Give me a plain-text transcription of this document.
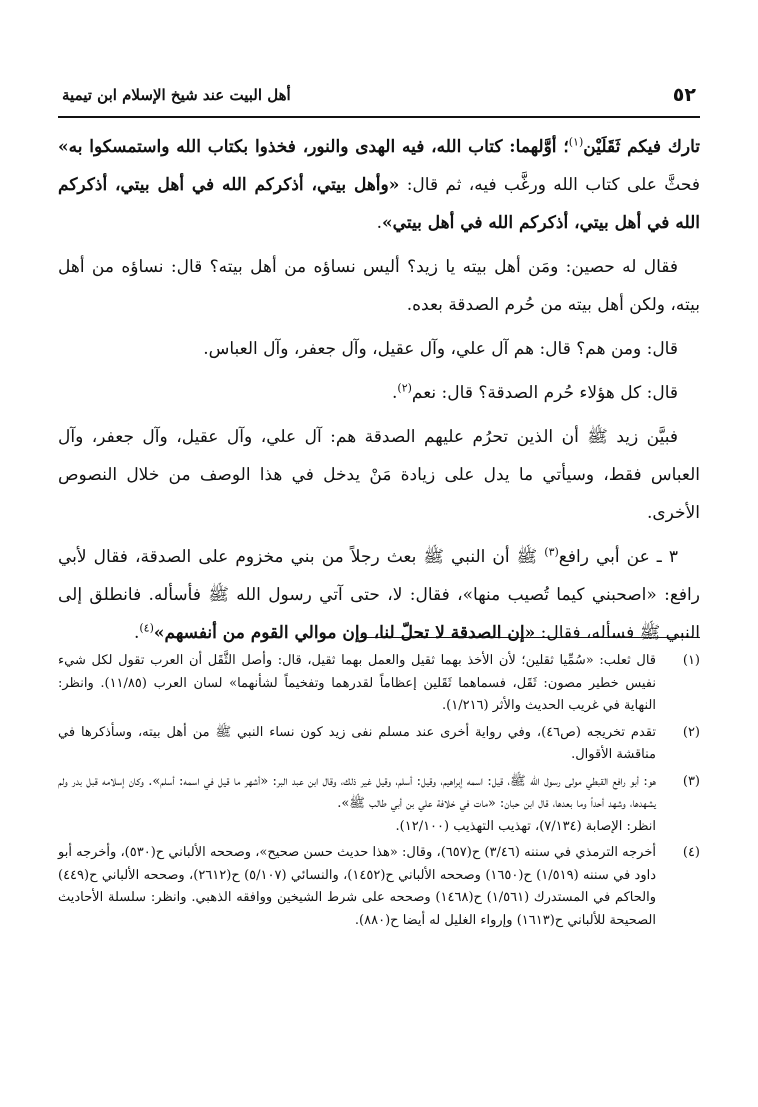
٥٢
أهل البيت عند شيخ الإسلام ابن تيمية

تارك فيكم ثَقَلَيْن$^{(١)}$؛ أوَّلهما: كتاب الله، فيه الهدى والنور، فخذوا بكتاب الله واستمسكوا به» فحثَّ على كتاب الله ورغَّب فيه، ثم قال: «وأهل بيتي، أذكركم الله في أهل بيتي، أذكركم الله في أهل بيتي، أذكركم الله في أهل بيتي».

فقال له حصين: ومَن أهل بيته يا زيد؟ أليس نساؤه من أهل بيته؟ قال: نساؤه من أهل بيته، ولكن أهل بيته من حُرم الصدقة بعده.

قال: ومن هم؟ قال: هم آل علي، وآل عقيل، وآل جعفر، وآل العباس.

قال: كل هؤلاء حُرم الصدقة؟ قال: نعم$^{(٢)}$.

فبيَّن زيد ﷺ أن الذين تحرُم عليهم الصدقة هم: آل علي، وآل عقيل، وآل جعفر، وآل العباس فقط، وسيأتي ما يدل على زيادة مَنْ يدخل في هذا الوصف من خلال النصوص الأخرى.

٣ ـ عن أبي رافع$^{(٣)}$ ﷺ أن النبي ﷺ بعث رجلاً من بني مخزوم على الصدقة، فقال لأبي رافع: «اصحبني كيما تُصيب منها»، فقال: لا، حتى آتي رسول الله ﷺ فأسأله. فانطلق إلى النبي ﷺ فسأله، فقال: «إن الصدقة لا تحلّ لنا، وإن موالي القوم من أنفسهم»$^{(٤)}$.

(١)

قال ثعلب: «سُمِّيا ثقلين؛ لأن الأخذ بهما ثقيل والعمل بهما ثقيل، قال: وأصل الثَّقَل أن العرب تقول لكل شيء نفيس خطير مصون: ثَقَل، فسماهما ثَقَلين إعظاماً لقدرهما وتفخيماً لشأنهما» لسان العرب (١١/٨٥). وانظر: النهاية في غريب الحديث والأثر (١/٢١٦).

(٢)

تقدم تخريجه (ص٤٦)، وفي رواية أخرى عند مسلم نفى زيد كون نساء النبي ﷺ من أهل بيته، وسأذكرها في مناقشة الأقوال.

(٣)

هو: أبو رافع القبطي مولى رسول الله ﷺ، قيل: اسمه إبراهيم، وقيل: أسلم، وقيل غير ذلك، وقال ابن عبد البر: «أشهر ما قيل في اسمه: أسلم». وكان إسلامه قبل بدر ولم يشهدها، وشهد أحداً وما بعدها، قال ابن حبان: «مات في خلافة علي بن أبي طالب ﷺ».

انظر: الإصابة (٧/١٣٤)، تهذيب التهذيب (١٢/١٠٠).

(٤)

أخرجه الترمذي في سننه (٣/٤٦) ح(٦٥٧)، وقال: «هذا حديث حسن صحيح»، وصححه الألباني ح(٥٣٠)، وأخرجه أبو داود في سننه (١/٥١٩) ح(١٦٥٠) وصححه الألباني ح(١٤٥٢)، والنسائي (٥/١٠٧) ح(٢٦١٢)، وصححه الألباني ح(٤٤٩) والحاكم في المستدرك (١/٥٦١) ح(١٤٦٨) وصححه على شرط الشيخين ووافقه الذهبي. وانظر: سلسلة الأحاديث الصحيحة للألباني ح(١٦١٣) وإرواء الغليل له أيضا ح(٨٨٠).
